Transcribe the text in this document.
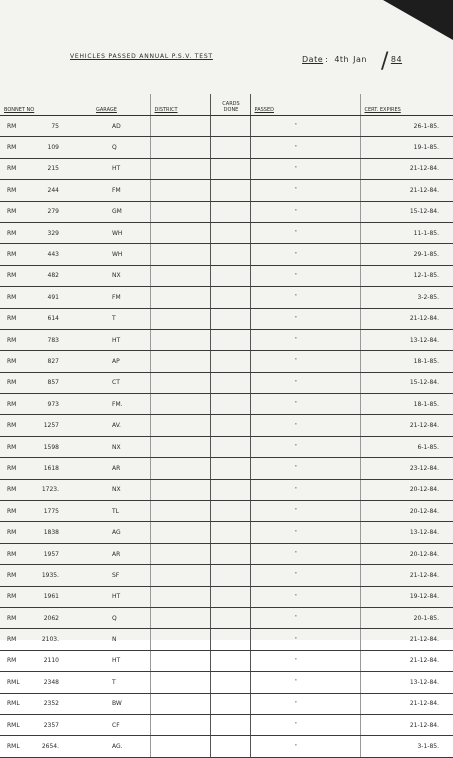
VEHICLES PASSED ANNUAL P.S.V. TEST	Date : 4th Jan / 84
BONNET NO	GARAGE	DISTRICT	CARDS DONE	PASSED	CERT. EXPIRES
RM 75	AD			"	26-1-85.
RM 109	Q			"	19-1-85.
RM 215	HT			"	21-12-84.
RM 244	FM			"	21-12-84.
RM 279	GM			"	15-12-84.
RM 329	WH			"	11-1-85.
RM 443	WH			"	29-1-85.
RM 482	NX			"	12-1-85.
RM 491	FM			"	3-2-85.
RM 614	T			"	21-12-84.
RM 783	HT			"	13-12-84.
RM 827	AP			"	18-1-85.
RM 857	CT			"	15-12-84.
RM 973	FM.			"	18-1-85.
RM 1257	AV.			"	21-12-84.
RM 1598	NX			"	6-1-85.
RM 1618	AR			"	23-12-84.
RM 1723.	NX			"	20-12-84.
RM 1775	TL			"	20-12-84.
RM 1838	AG			"	13-12-84.
RM 1957	AR			"	20-12-84.
RM 1935.	SF			"	21-12-84.
RM 1961	HT			"	19-12-84.
RM 2062	Q			"	20-1-85.
RM 2103.	N			"	21-12-84.
RM 2110	HT			"	21-12-84.
RML 2348	T			"	13-12-84.
RML 2352	BW			"	21-12-84.
RML 2357	CF			"	21-12-84.
RML 2654.	AG.			"	3-1-85.
